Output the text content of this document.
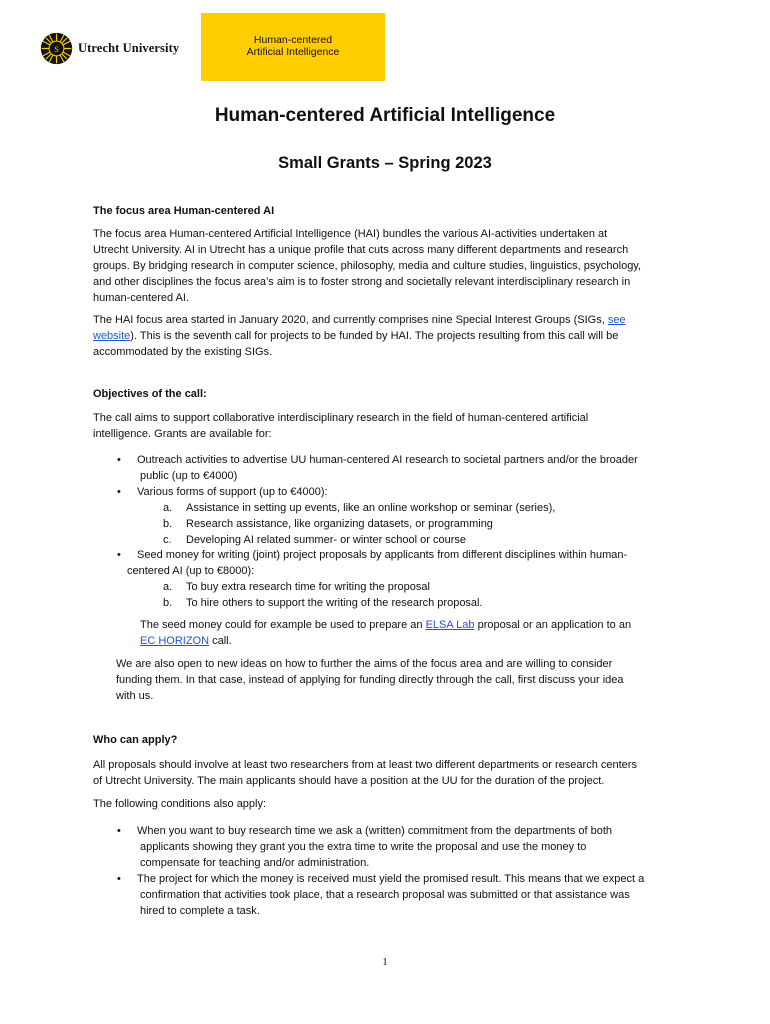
S Utrecht University
Human-centered
Artificial Intelligence
Human-centered Artificial Intelligence
Small Grants – Spring 2023

The focus area Human-centered AI

The focus area Human-centered Artificial Intelligence (HAI) bundles the various AI-activities undertaken at

Utrecht University. AI in Utrecht has a unique profile that cuts across many different departments and research

groups. By bridging research in computer science, philosophy, media and culture studies, linguistics, psychology,

and other disciplines the focus area’s aim is to foster strong and societally relevant interdisciplinary research in

human-centered AI.

The HAI focus area started in January 2020, and currently comprises nine Special Interest Groups (SIGs, see

website). This is the seventh call for projects to be funded by HAI. The projects resulting from this call will be

accommodated by the existing SIGs.

Objectives of the call:

The call aims to support collaborative interdisciplinary research in the field of human-centered artificial

intelligence. Grants are available for:

• Outreach activities to advertise UU human-centered AI research to societal partners and/or the broader
public (up to €4000)
• Various forms of support (up to €4000):
a. Assistance in setting up events, like an online workshop or seminar (series),
b. Research assistance, like organizing datasets, or programming
c. Developing AI related summer- or winter school or course
• Seed money for writing (joint) project proposals by applicants from different disciplines within human-
centered AI (up to €8000):
a. To buy extra research time for writing the proposal
b. To hire others to support the writing of the research proposal.
The seed money could for example be used to prepare an ELSA Lab proposal or an application to an
EC HORIZON call.
We are also open to new ideas on how to further the aims of the focus area and are willing to consider
funding them. In that case, instead of applying for funding directly through the call, first discuss your idea
with us.

Who can apply?

All proposals should involve at least two researchers from at least two different departments or research centers

of Utrecht University. The main applicants should have a position at the UU for the duration of the project.

The following conditions also apply:

• When you want to buy research time we ask a (written) commitment from the departments of both
applicants showing they grant you the extra time to write the proposal and use the money to
compensate for teaching and/or administration.
• The project for which the money is received must yield the promised result. This means that we expect a
confirmation that activities took place, that a research proposal was submitted or that assistance was
hired to complete a task.
1
